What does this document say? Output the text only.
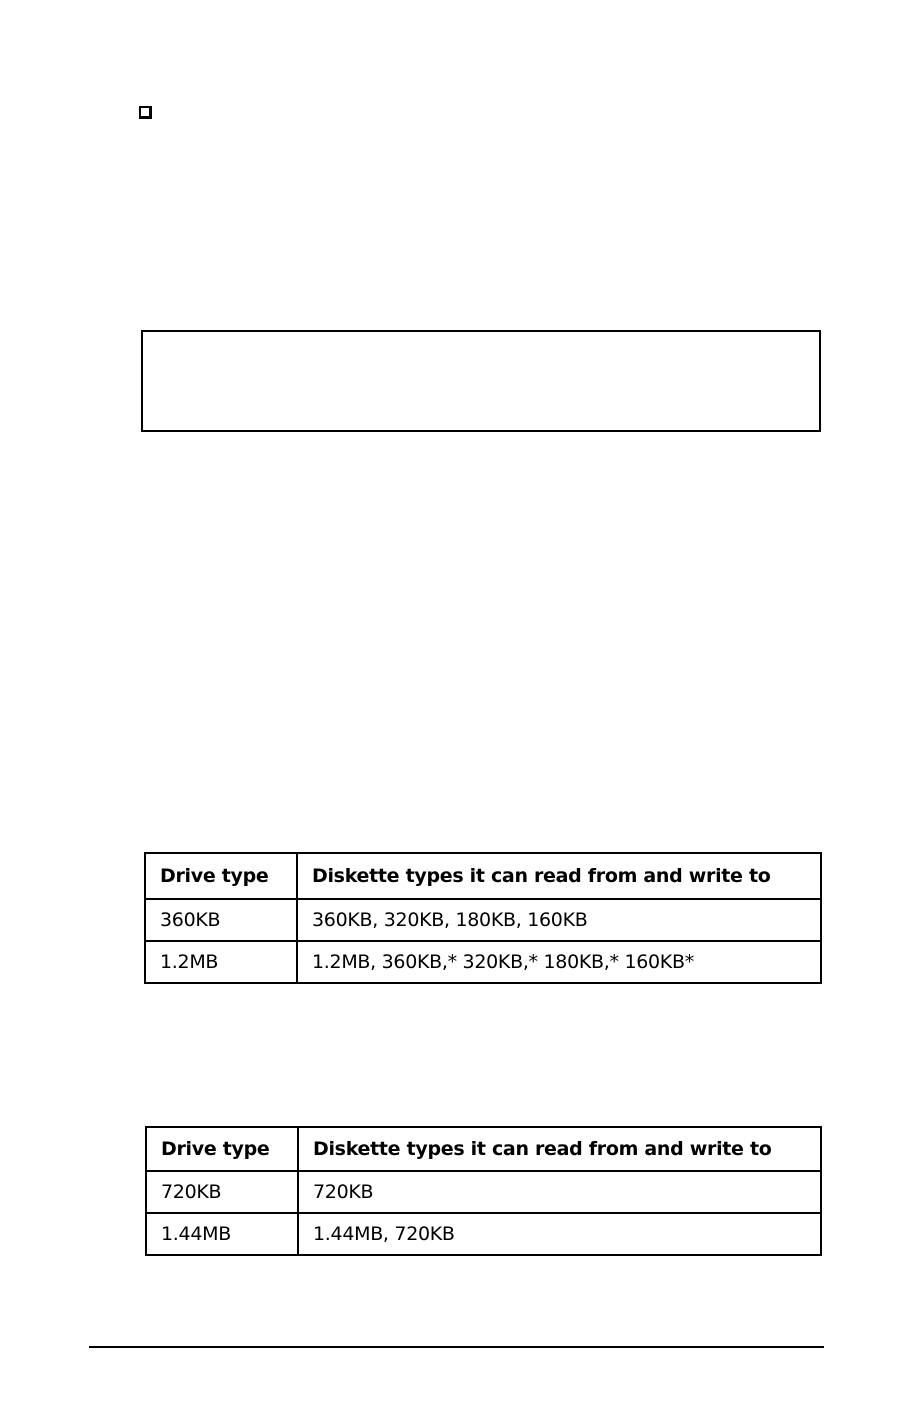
Drive type	Diskette types it can read from and write to
360KB	360KB, 320KB, 180KB, 160KB
1.2MB	1.2MB, 360KB,* 320KB,* 180KB,* 160KB*
Drive type	Diskette types it can read from and write to
720KB	720KB
1.44MB	1.44MB, 720KB
